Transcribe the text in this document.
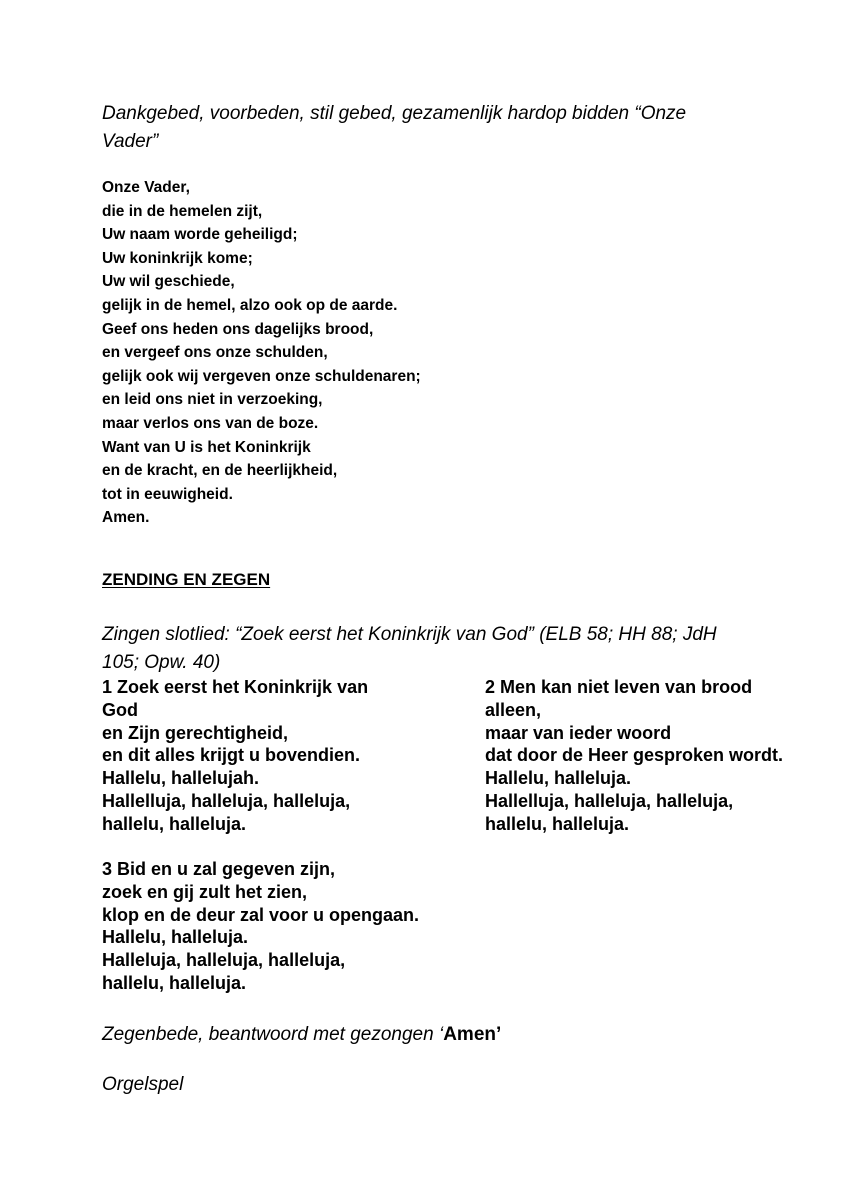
Dankgebed, voorbeden, stil gebed, gezamenlijk hardop bidden “Onze
Vader”

Onze Vader,
die in de hemelen zijt,
Uw naam worde geheiligd;
Uw koninkrijk kome;
Uw wil geschiede,
gelijk in de hemel, alzo ook op de aarde.
Geef ons heden ons dagelijks brood,
en vergeef ons onze schulden,
gelijk ook wij vergeven onze schuldenaren;
en leid ons niet in verzoeking,
maar verlos ons van de boze.
Want van U is het Koninkrijk
en de kracht, en de heerlijkheid,
tot in eeuwigheid.
Amen.
ZENDING EN ZEGEN

Zingen slotlied: “Zoek eerst het Koninkrijk van God” (ELB 58; HH 88; JdH
105; Opw. 40)

1 Zoek eerst het Koninkrijk van
God
en Zijn gerechtigheid,
en dit alles krijgt u bovendien.
Hallelu, hallelujah.
Hallelluja, halleluja, halleluja,
hallelu, halleluja.
2 Men kan niet leven van brood
alleen,
maar van ieder woord
dat door de Heer gesproken wordt.
Hallelu, halleluja.
Hallelluja, halleluja, halleluja,
hallelu, halleluja.
3 Bid en u zal gegeven zijn,
zoek en gij zult het zien,
klop en de deur zal voor u opengaan.
Hallelu, halleluja.
Halleluja, halleluja, halleluja,
hallelu, halleluja.

Zegenbede, beantwoord met gezongen ‘Amen’

Orgelspel
